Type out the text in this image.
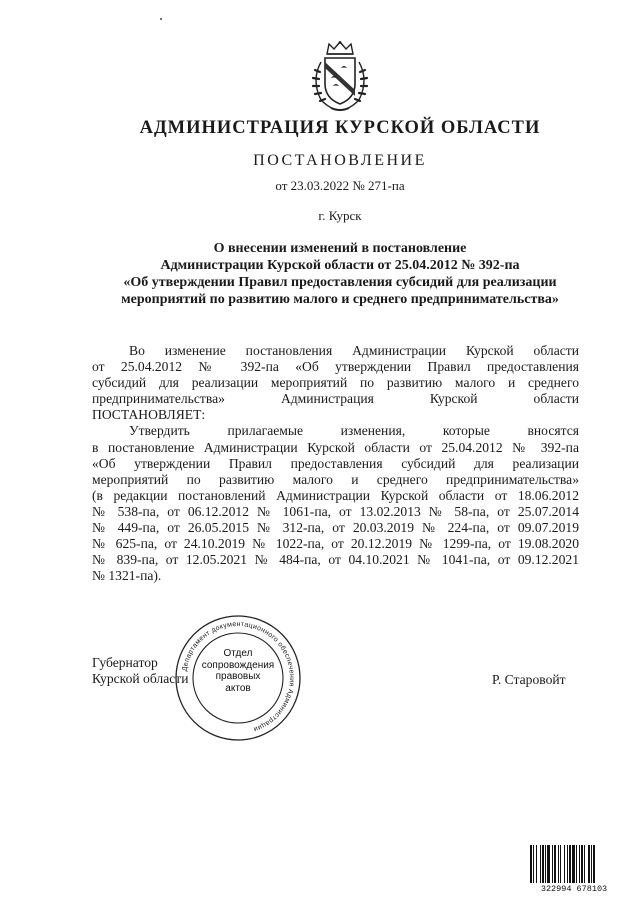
АДМИНИСТРАЦИЯ КУРСКОЙ ОБЛАСТИ
ПОСТАНОВЛЕНИЕ
от 23.03.2022 № 271-па
г. Курск
О внесении изменений в постановление
Администрации Курской области от 25.04.2012 № 392-па
«Об утверждении Правил предоставления субсидий для реализации
мероприятий по развитию малого и среднего предпринимательства»
Во изменение постановления Администрации Курской области
от 25.04.2012 № 392-па «Об утверждении Правил предоставления
субсидий для реализации мероприятий по развитию малого и среднего
предпринимательства» Администрация Курской области
ПОСТАНОВЛЯЕТ:
Утвердить прилагаемые изменения, которые вносятся
в постановление Администрации Курской области от 25.04.2012 № 392-па
«Об утверждении Правил предоставления субсидий для реализации
мероприятий по развитию малого и среднего предпринимательства»
(в редакции постановлений Администрации Курской области от 18.06.2012
№ 538-па, от 06.12.2012 № 1061-па, от 13.02.2013 № 58-па, от 25.07.2014
№ 449-па, от 26.05.2015 № 312-па, от 20.03.2019 № 224-па, от 09.07.2019
№ 625-па, от 24.10.2019 № 1022-па, от 20.12.2019 № 1299-па, от 19.08.2020
№ 839-па, от 12.05.2021 № 484-па, от 04.10.2021 № 1041-па, от 09.12.2021
№ 1321-па).
Департамент документационного обеспечения Администрации
Отдел
сопровождения
правовых
актов
Губернатор
Курской области	Р. Старовойт
322994 678103
